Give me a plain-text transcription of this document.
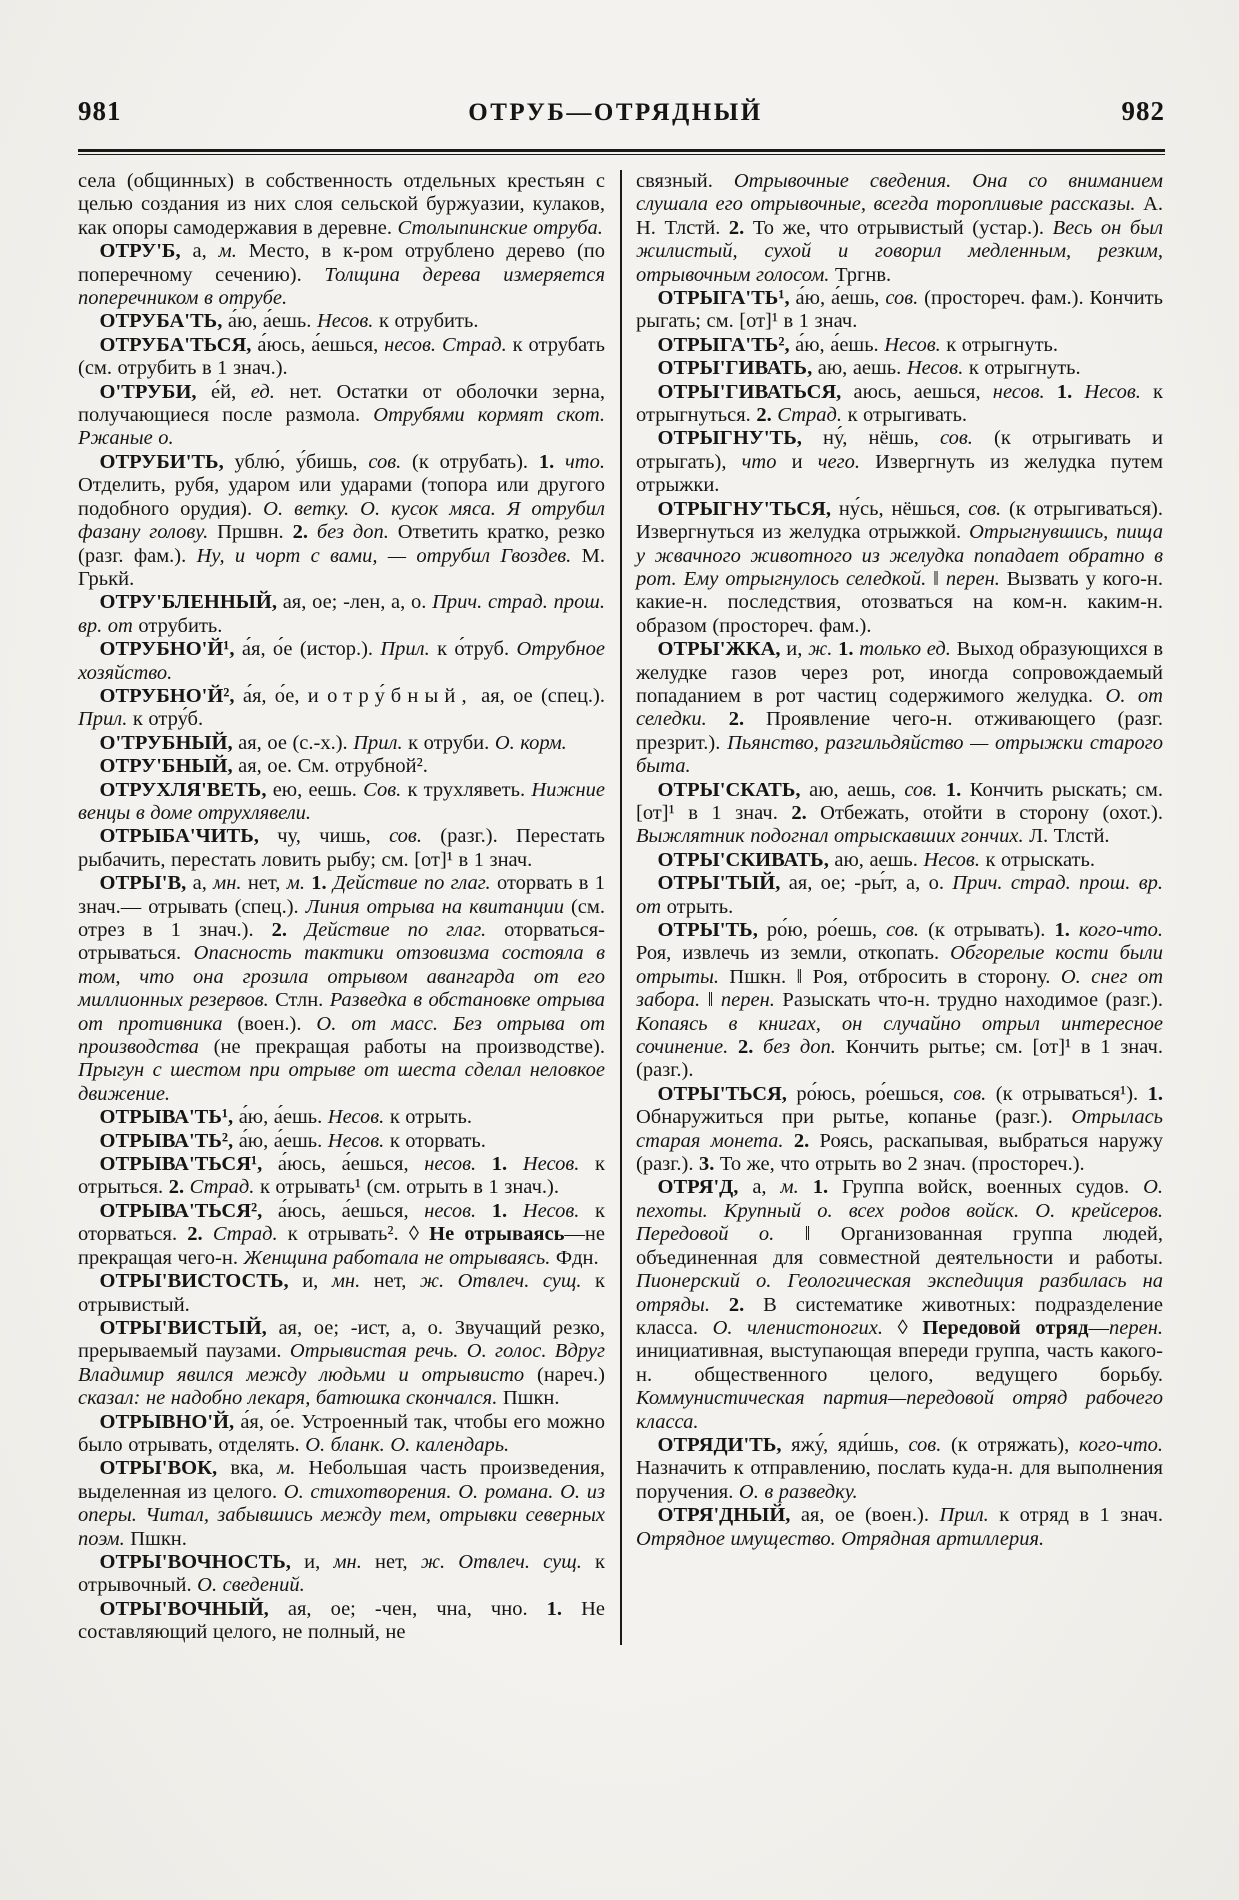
981	ОТРУБ—ОТРЯДНЫЙ	982

села (общинных) в собственность отдельных крестьян с целью создания из них слоя сельской буржуазии, кулаков, как опоры самодержавия в деревне. Столыпинские отруба.

ОТРУ'Б, а, м. Место, в к-ром отрублено дерево (по поперечному сечению). Толщина дерева измеряется поперечником в отрубе.

ОТРУБА'ТЬ, а́ю, а́ешь. Несов. к отрубить.

ОТРУБА'ТЬСЯ, а́юсь, а́ешься, несов. Страд. к отрубать (см. отрубить в 1 знач.).

О'ТРУБИ, е́й, ед. нет. Остатки от оболочки зерна, получающиеся после размола. Отрубями кормят скот. Ржаные о.

ОТРУБИ'ТЬ, ублю́, у́бишь, сов. (к отрубать). 1. что. Отделить, рубя, ударом или ударами (топора или другого подобного орудия). О. ветку. О. кусок мяса. Я отрубил фазану голову. Пршвн. 2. без доп. Ответить кратко, резко (разг. фам.). Ну, и чорт с вами, — отрубил Гвоздев. М. Грькй.

ОТРУ'БЛЕННЫЙ, ая, ое; -лен, а, о. Прич. страд. прош. вр. от отрубить.

ОТРУБНО'Й¹, а́я, о́е (истор.). Прил. к о́труб. Отрубное хозяйство.

ОТРУБНО'Й², а́я, о́е, и отру́бный, ая, ое (спец.). Прил. к отру́б.

О'ТРУБНЫЙ, ая, ое (с.-х.). Прил. к отруби. О. корм.

ОТРУ'БНЫЙ, ая, ое. См. отрубной².

ОТРУХЛЯ'ВЕТЬ, ею, еешь. Сов. к трухляветь. Нижние венцы в доме отрухлявели.

ОТРЫБА'ЧИТЬ, чу, чишь, сов. (разг.). Перестать рыбачить, перестать ловить рыбу; см. [от]¹ в 1 знач.

ОТРЫ'В, а, мн. нет, м. 1. Действие по глаг. оторвать в 1 знач.— отрывать (спец.). Линия отрыва на квитанции (см. отрез в 1 знач.). 2. Действие по глаг. оторваться-отрываться. Опасность тактики отзовизма состояла в том, что она грозила отрывом авангарда от его миллионных резервов. Стлн. Разведка в обстановке отрыва от противника (воен.). О. от масс. Без отрыва от производства (не прекращая работы на производстве). Прыгун с шестом при отрыве от шеста сделал неловкое движение.

ОТРЫВА'ТЬ¹, а́ю, а́ешь. Несов. к отрыть.

ОТРЫВА'ТЬ², а́ю, а́ешь. Несов. к оторвать.

ОТРЫВА'ТЬСЯ¹, а́юсь, а́ешься, несов. 1. Несов. к отрыться. 2. Страд. к отрывать¹ (см. отрыть в 1 знач.).

ОТРЫВА'ТЬСЯ², а́юсь, а́ешься, несов. 1. Несов. к оторваться. 2. Страд. к отрывать². ◊ Не отрываясь—не прекращая чего-н. Женщина работала не отрываясь. Фдн.

ОТРЫ'ВИСТОСТЬ, и, мн. нет, ж. Отвлеч. сущ. к отрывистый.

ОТРЫ'ВИСТЫЙ, ая, ое; -ист, а, о. Звучащий резко, прерываемый паузами. Отрывистая речь. О. голос. Вдруг Владимир явился между людьми и отрывисто (нареч.) сказал: не надобно лекаря, батюшка скончался. Пшкн.

ОТРЫВНО'Й, а́я, о́е. Устроенный так, чтобы его можно было отрывать, отделять. О. бланк. О. календарь.

ОТРЫ'ВОК, вка, м. Небольшая часть произведения, выделенная из целого. О. стихотворения. О. романа. О. из оперы. Читал, забывшись между тем, отрывки северных поэм. Пшкн.

ОТРЫ'ВОЧНОСТЬ, и, мн. нет, ж. Отвлеч. сущ. к отрывочный. О. сведений.

ОТРЫ'ВОЧНЫЙ, ая, ое; -чен, чна, чно. 1. Не составляющий целого, не полный, не

связный. Отрывочные сведения. Она со вниманием слушала его отрывочные, всегда торопливые рассказы. А. Н. Тлстй. 2. То же, что отрывистый (устар.). Весь он был жилистый, сухой и говорил медленным, резким, отрывочным голосом. Тргнв.

ОТРЫГА'ТЬ¹, а́ю, а́ешь, сов. (простореч. фам.). Кончить рыгать; см. [от]¹ в 1 знач.

ОТРЫГА'ТЬ², а́ю, а́ешь. Несов. к отрыгнуть.

ОТРЫ'ГИВАТЬ, аю, аешь. Несов. к отрыгнуть.

ОТРЫ'ГИВАТЬСЯ, аюсь, аешься, несов. 1. Несов. к отрыгнуться. 2. Страд. к отрыгивать.

ОТРЫГНУ'ТЬ, ну́, нёшь, сов. (к отрыгивать и отрыгать), что и чего. Извергнуть из желудка путем отрыжки.

ОТРЫГНУ'ТЬСЯ, ну́сь, нёшься, сов. (к отрыгиваться). Извергнуться из желудка отрыжкой. Отрыгнувшись, пища у жвачного животного из желудка попадает обратно в рот. Ему отрыгнулось селедкой. ‖ перен. Вызвать у кого-н. какие-н. последствия, отозваться на ком-н. каким-н. образом (простореч. фам.).

ОТРЫ'ЖКА, и, ж. 1. только ед. Выход образующихся в желудке газов через рот, иногда сопровождаемый попаданием в рот частиц содержимого желудка. О. от селедки. 2. Проявление чего-н. отживающего (разг. презрит.). Пьянство, разгильдяйство — отрыжки старого быта.

ОТРЫ'СКАТЬ, аю, аешь, сов. 1. Кончить рыскать; см. [от]¹ в 1 знач. 2. Отбежать, отойти в сторону (охот.). Выжлятник подогнал отрыскавших гончих. Л. Тлстй.

ОТРЫ'СКИВАТЬ, аю, аешь. Несов. к отрыскать.

ОТРЫ'ТЫЙ, ая, ое; -ры́т, а, о. Прич. страд. прош. вр. от отрыть.

ОТРЫ'ТЬ, ро́ю, ро́ешь, сов. (к отрывать). 1. кого-что. Роя, извлечь из земли, откопать. Обгорелые кости были отрыты. Пшкн. ‖ Роя, отбросить в сторону. О. снег от забора. ‖ перен. Разыскать что-н. трудно находимое (разг.). Копаясь в книгах, он случайно отрыл интересное сочинение. 2. без доп. Кончить рытье; см. [от]¹ в 1 знач. (разг.).

ОТРЫ'ТЬСЯ, ро́юсь, ро́ешься, сов. (к отрываться¹). 1. Обнаружиться при рытье, копанье (разг.). Отрылась старая монета. 2. Роясь, раскапывая, выбраться наружу (разг.). 3. То же, что отрыть во 2 знач. (простореч.).

ОТРЯ'Д, а, м. 1. Группа войск, военных судов. О. пехоты. Крупный о. всех родов войск. О. крейсеров. Передовой о. ‖ Организованная группа людей, объединенная для совместной деятельности и работы. Пионерский о. Геологическая экспедиция разбилась на отряды. 2. В систематике животных: подразделение класса. О. членистоногих. ◊ Передовой отряд—перен. инициативная, выступающая впереди группа, часть какого-н. общественного целого, ведущего борьбу. Коммунистическая партия—передовой отряд рабочего класса.

ОТРЯДИ'ТЬ, яжу́, яди́шь, сов. (к отряжать), кого-что. Назначить к отправлению, послать куда-н. для выполнения поручения. О. в разведку.

ОТРЯ'ДНЫЙ, ая, ое (воен.). Прил. к отряд в 1 знач. Отрядное имущество. Отрядная артиллерия.
